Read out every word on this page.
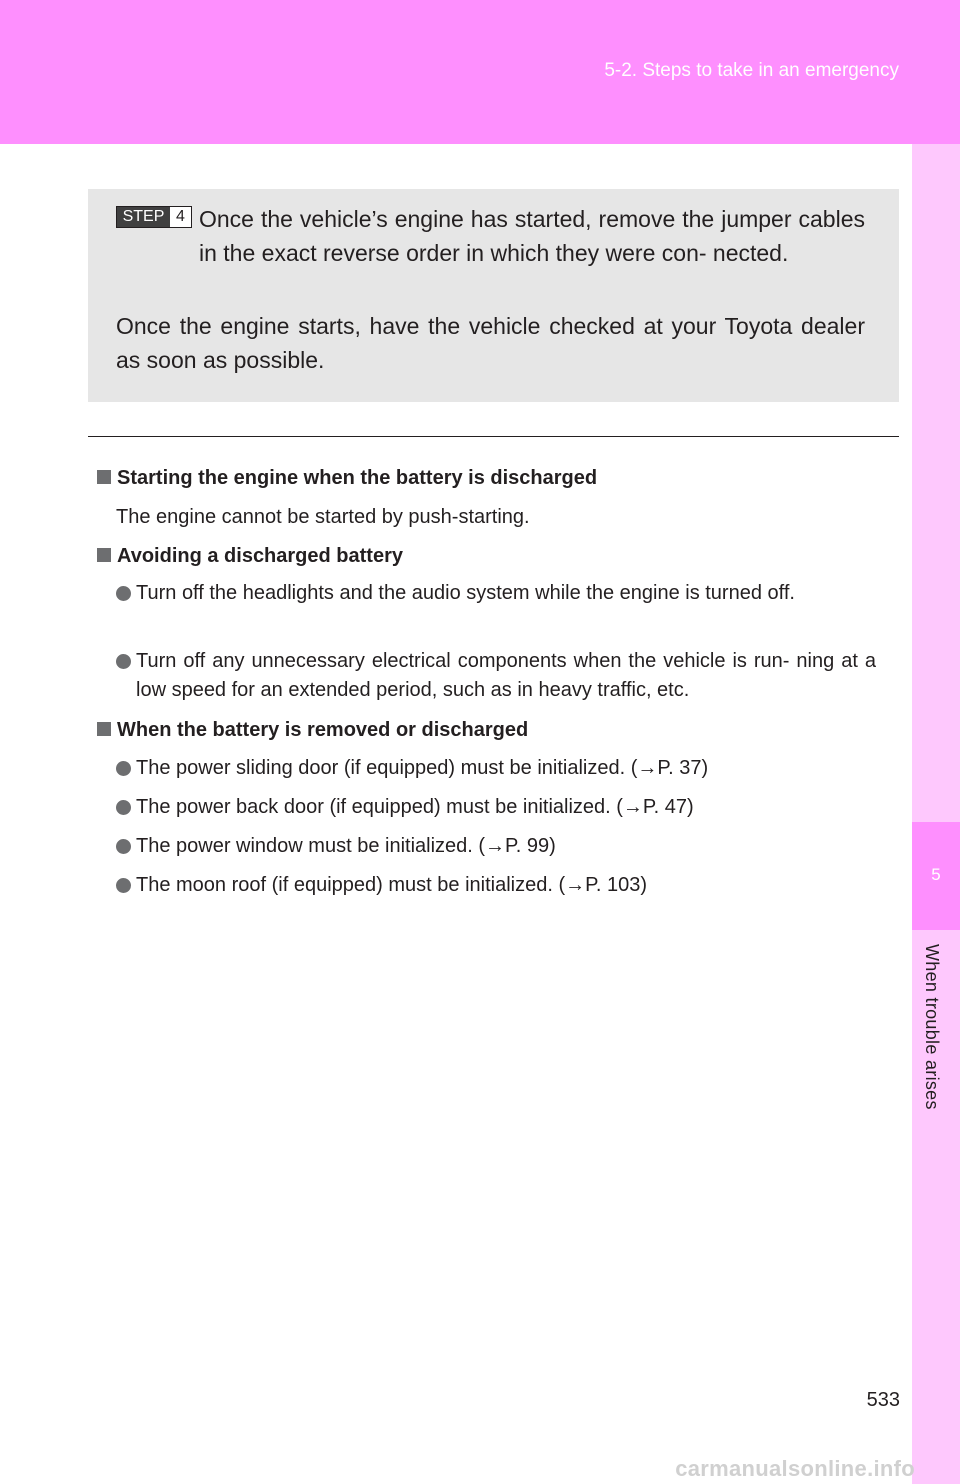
5-2. Steps to take in an emergency
5
When trouble arises
STEP 4 Once the vehicle’s engine has started, remove the jumper cables in the exact reverse order in which they were con- nected.
Once the engine starts, have the vehicle checked at your Toyota dealer as soon as possible.
Starting the engine when the battery is discharged
The engine cannot be started by push-starting.
Avoiding a discharged battery
Turn off the headlights and the audio system while the engine is turned off.
Turn off any unnecessary electrical components when the vehicle is run- ning at a low speed for an extended period, such as in heavy traffic, etc.
When the battery is removed or discharged
The power sliding door (if equipped) must be initialized. (→P. 37)
The power back door (if equipped) must be initialized. (→P. 47)
The power window must be initialized. (→P. 99)
The moon roof (if equipped) must be initialized. (→P. 103)
533
carmanualsonline.info
